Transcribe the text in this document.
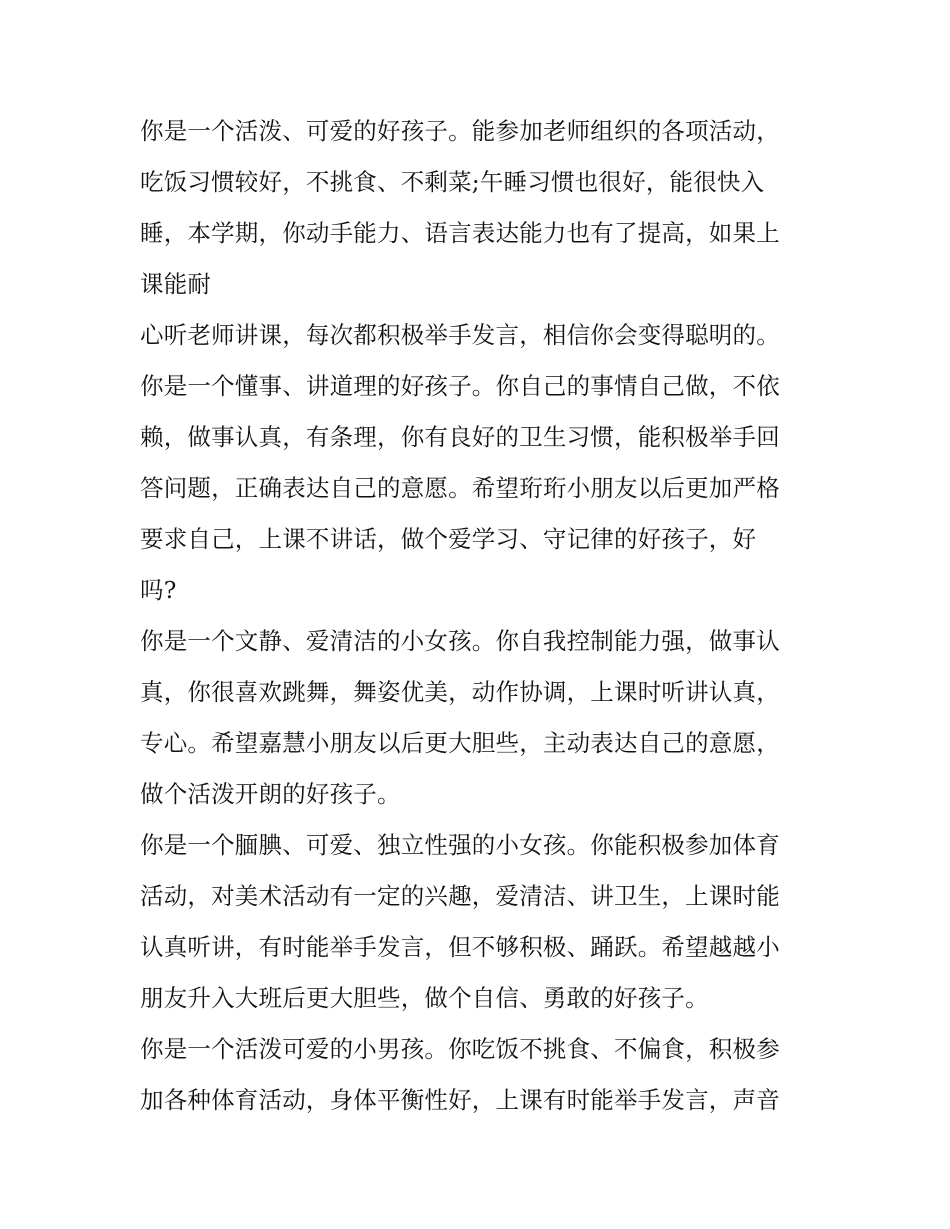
你是一个活泼、可爱的好孩子。能参加老师组织的各项活动，
吃饭习惯较好，不挑食、不剩菜;午睡习惯也很好，能很快入
睡，本学期，你动手能力、语言表达能力也有了提高，如果上
课能耐
心听老师讲课，每次都积极举手发言，相信你会变得聪明的。
你是一个懂事、讲道理的好孩子。你自己的事情自己做，不依
赖，做事认真，有条理，你有良好的卫生习惯，能积极举手回
答问题，正确表达自己的意愿。希望珩珩小朋友以后更加严格
要求自己，上课不讲话，做个爱学习、守记律的好孩子，好
吗?
你是一个文静、爱清洁的小女孩。你自我控制能力强，做事认
真，你很喜欢跳舞，舞姿优美，动作协调，上课时听讲认真，
专心。希望嘉慧小朋友以后更大胆些，主动表达自己的意愿，
做个活泼开朗的好孩子。
你是一个腼腆、可爱、独立性强的小女孩。你能积极参加体育
活动，对美术活动有一定的兴趣，爱清洁、讲卫生，上课时能
认真听讲，有时能举手发言，但不够积极、踊跃。希望越越小
朋友升入大班后更大胆些，做个自信、勇敢的好孩子。
你是一个活泼可爱的小男孩。你吃饭不挑食、不偏食，积极参
加各种体育活动，身体平衡性好，上课有时能举手发言，声音
